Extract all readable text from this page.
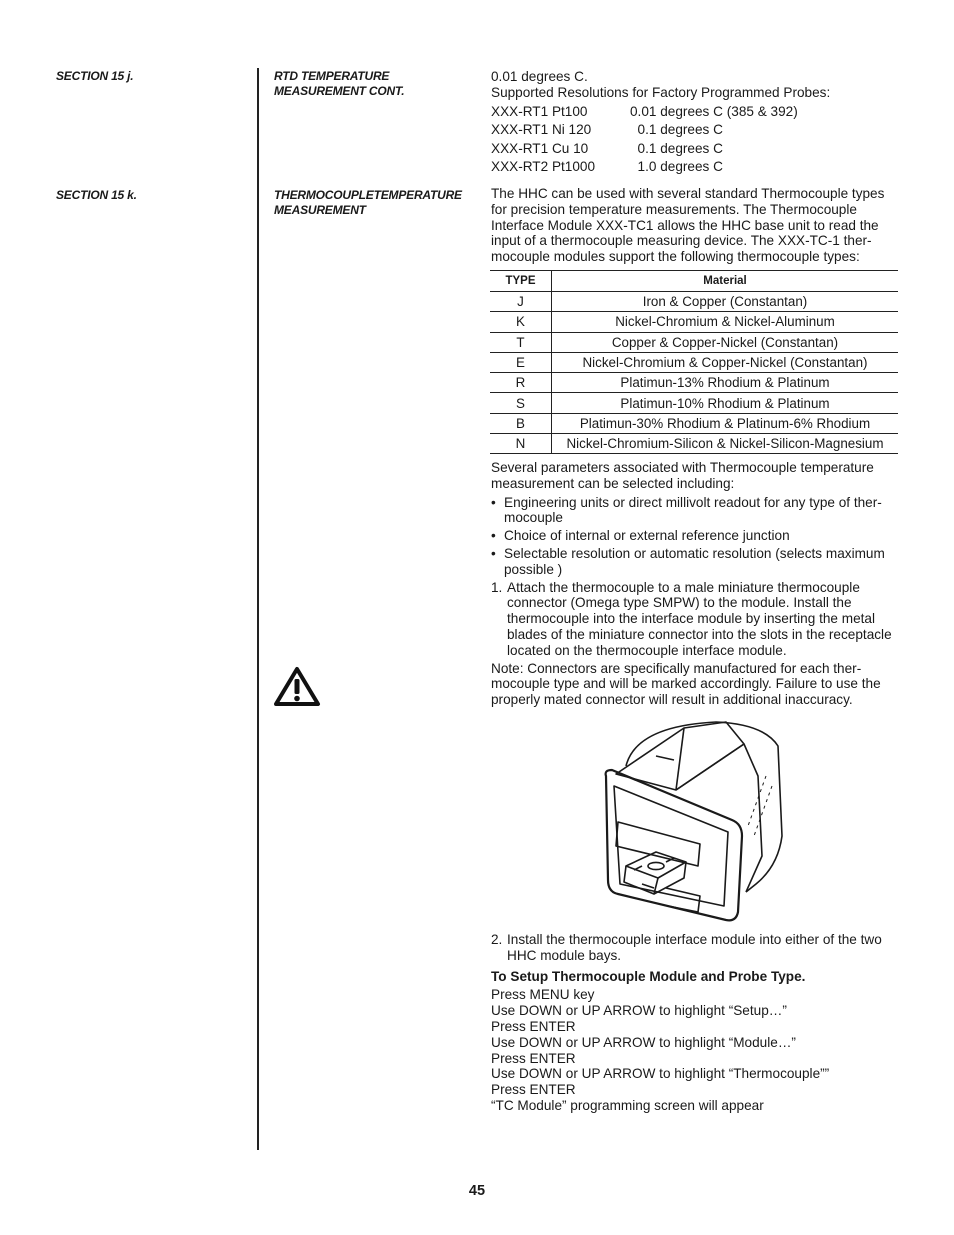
SECTION 15 j.	RTD TEMPERATURE
MEASUREMENT CONT.
SECTION 15 k.	THERMOCOUPLETEMPERATURE
MEASUREMENT
0.01 degrees C.
Supported Resolutions for Factory Programmed Probes:
XXX-RT1 Pt100	0.01 degrees C (385 & 392)
XXX-RT1 Ni 120	0.1 degrees C
XXX-RT1 Cu 10	0.1 degrees C
XXX-RT2 Pt1000	1.0 degrees C
The HHC can be used with several standard Thermocouple types
for precision temperature measurements. The Thermocouple
Interface Module XXX-TC1 allows the HHC base unit to read the
input of a thermocouple measuring device. The XXX-TC-1 ther-
mocouple modules support the following thermocouple types:
TYPE	Material
J	Iron & Copper (Constantan)
K	Nickel-Chromium & Nickel-Aluminum
T	Copper & Copper-Nickel (Constantan)
E	Nickel-Chromium & Copper-Nickel (Constantan)
R	Platimun-13% Rhodium & Platinum
S	Platimun-10% Rhodium & Platinum
B	Platimun-30% Rhodium & Platinum-6% Rhodium
N	Nickel-Chromium-Silicon & Nickel-Silicon-Magnesium
Several parameters associated with Thermocouple temperature
measurement can be selected including:
• Engineering units or direct millivolt readout for any type of ther-
mocouple
• Choice of internal or external reference junction
• Selectable resolution or automatic resolution (selects maximum
possible )
1. Attach the thermocouple to a male miniature thermocouple
connector (Omega type SMPW) to the module. Install the
thermocouple into the interface module by inserting the metal
blades of the miniature connector into the slots in the receptacle
located on the thermocouple interface module.
Note: Connectors are specifically manufactured for each ther-
mocouple type and will be marked accordingly. Failure to use the
properly mated connector will result in additional inaccuracy.
2. Install the thermocouple interface module into either of the two
HHC module bays.
To Setup Thermocouple Module and Probe Type.
Press MENU key
Use DOWN or UP ARROW to highlight “Setup…”
Press ENTER
Use DOWN or UP ARROW to highlight “Module…”
Press ENTER
Use DOWN or UP ARROW to highlight “Thermocouple””
Press ENTER
“TC Module” programming screen will appear
45
